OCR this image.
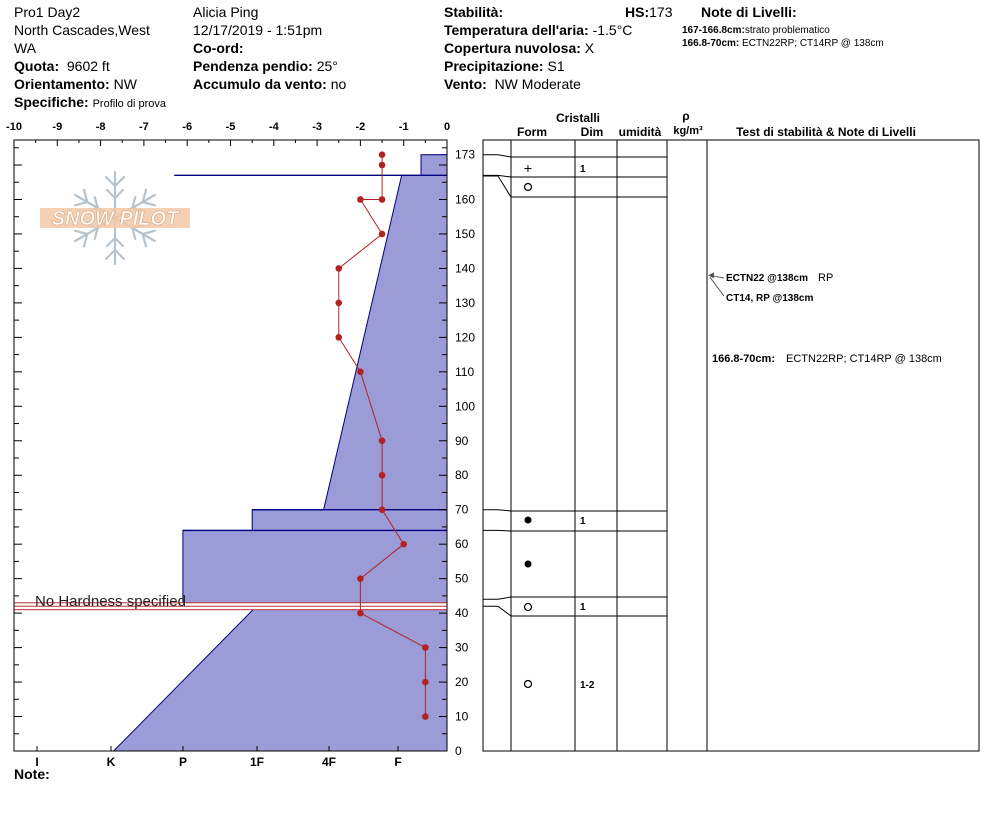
Pro1 Day2
North Cascades,West
WA
Quota: 9602 ft
Orientamento: NW
Specifiche: Profilo di prova
Alicia Ping
12/17/2019 - 1:51pm
Co-ord:
Pendenza pendio: 25°
Accumulo da vento: no
Stabilità:	HS:173
Temperatura dell'aria: -1.5°C
Copertura nuvolosa: X
Precipitazione: S1
Vento: NW Moderate
Note di Livelli:
167-166.8cm:strato problematico
166.8-70cm: ECTN22RP; CT14RP @ 138cm
No Hardness specified
-10	-9	-8	-7	-6	-5	-4	-3	-2	-1	0
I	K	P	1F	4F	F
0
10
20
30
40
50
60
70
80
90
100
110
120
130
140
150
160
173
Cristalli
Form	Dim umidità
ρ
kg/m³	Test di stabilità & Note di Livelli
+	1
1
1
1-2
ECTN22 @138cm RP
CT14, RP @138cm
166.8-70cm: ECTN22RP; CT14RP @ 138cm
SNOW PILOT
Note:
